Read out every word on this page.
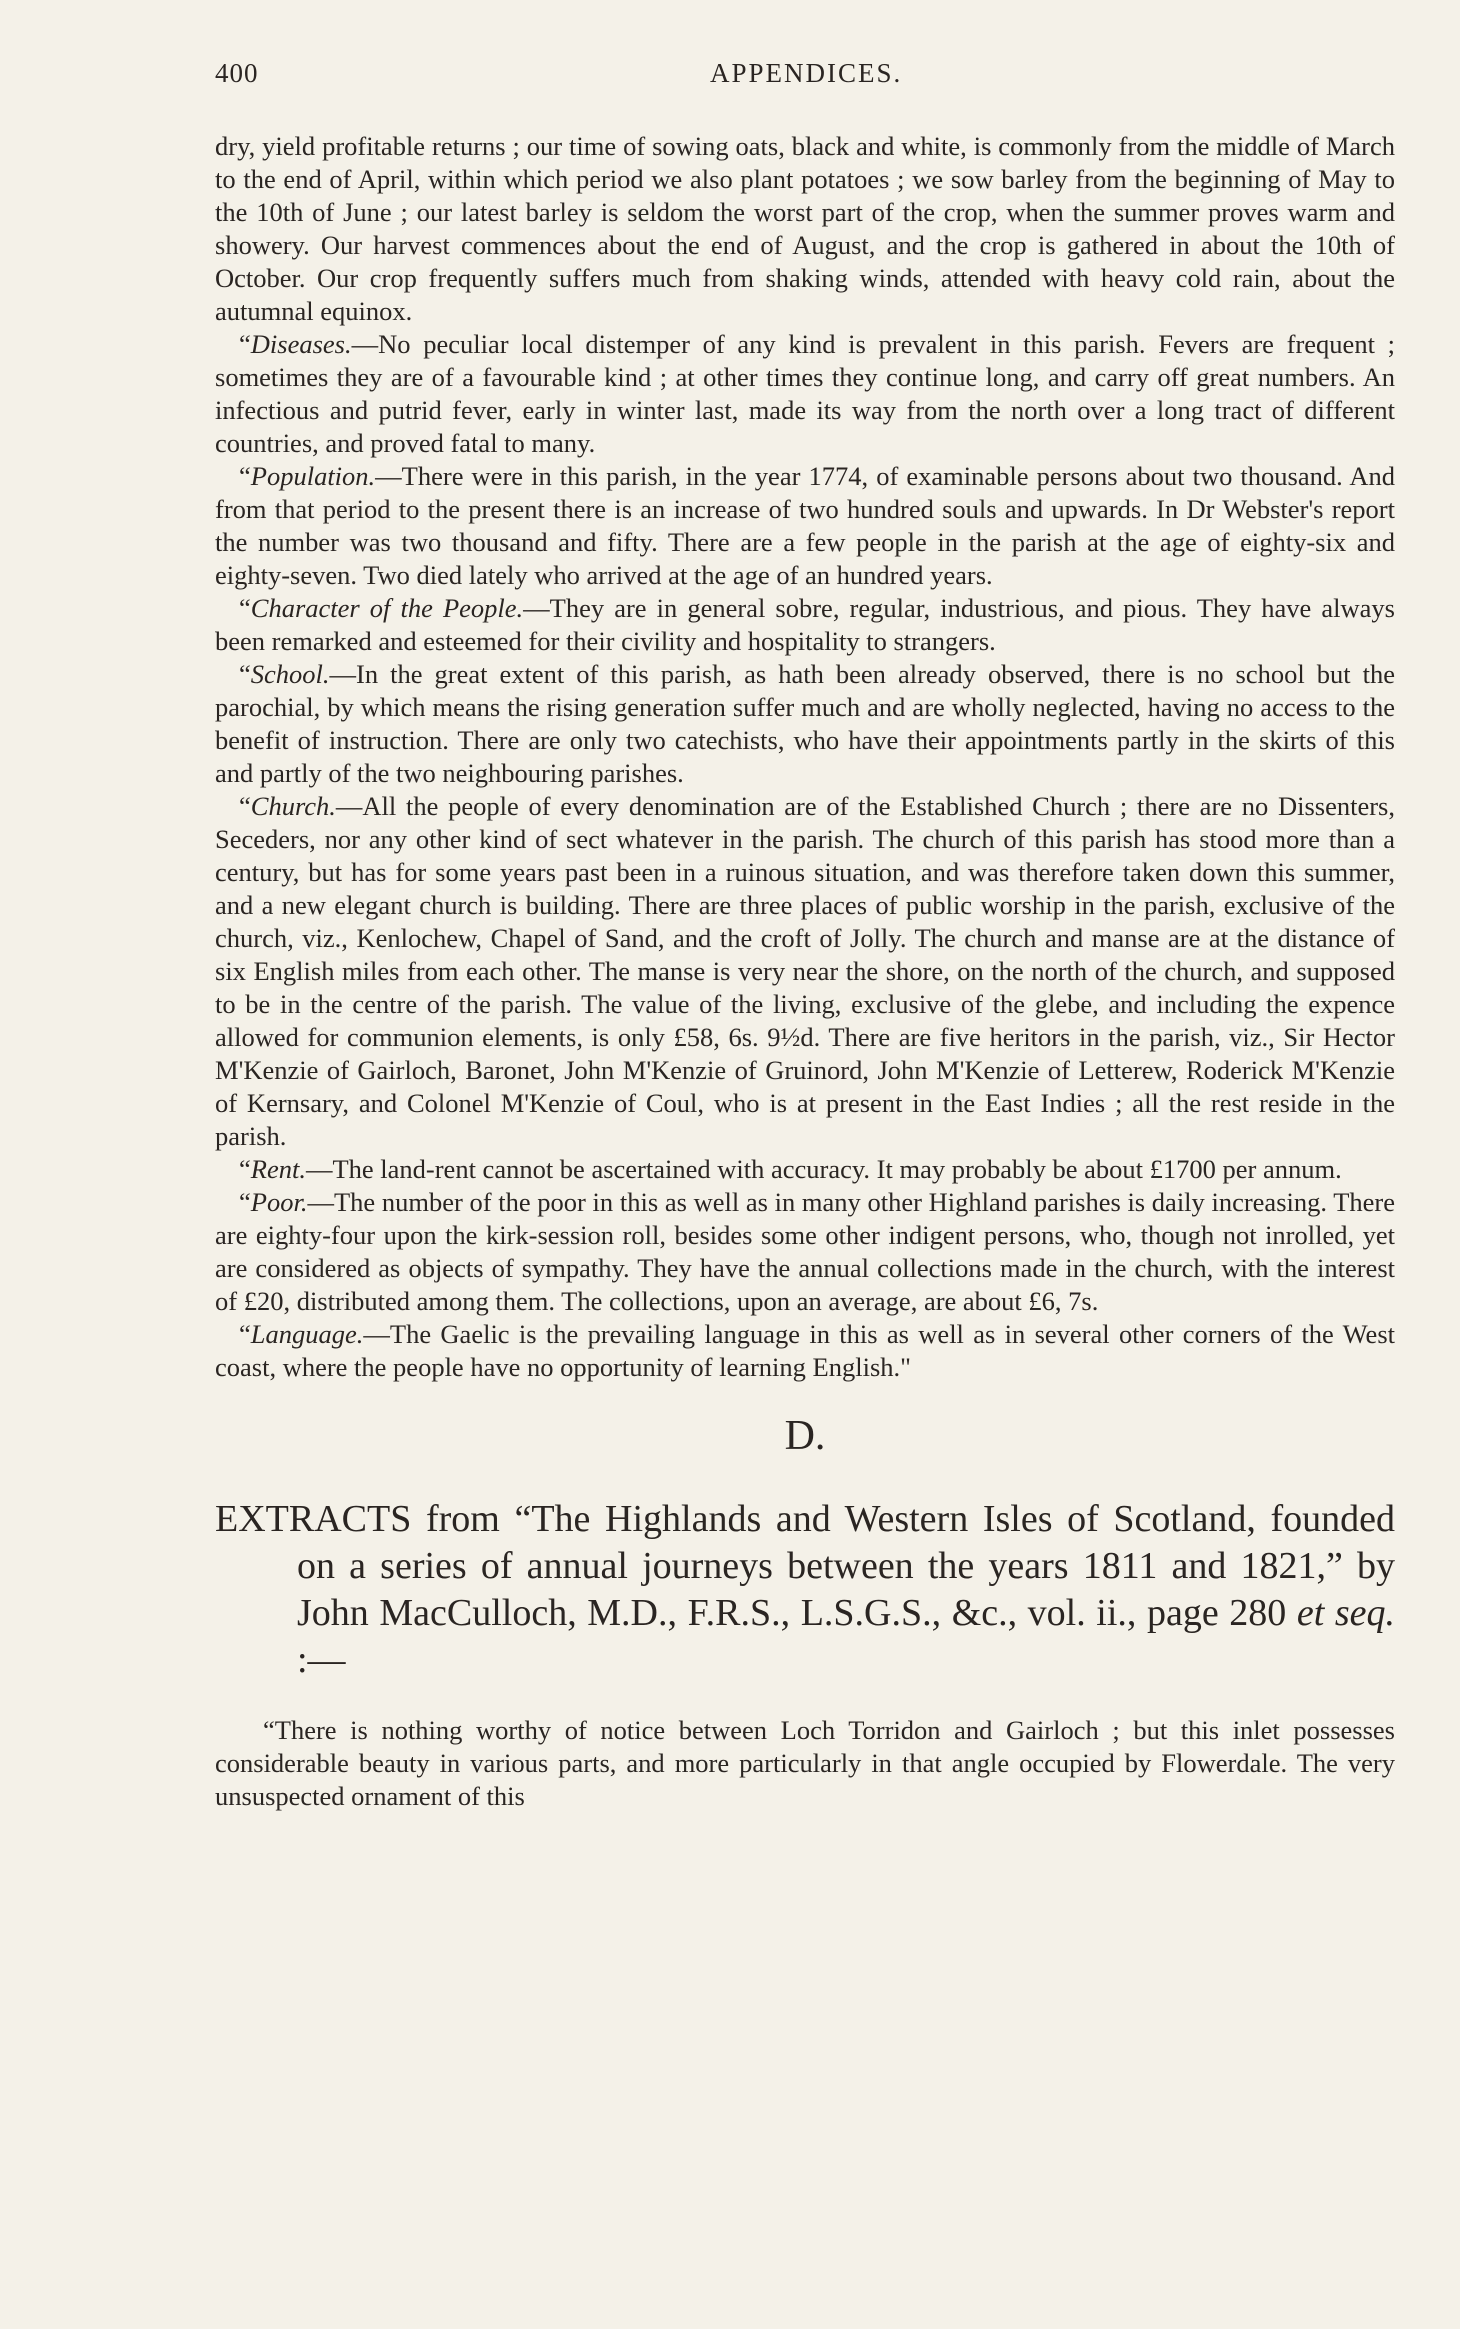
400	APPENDICES.

dry, yield profitable returns ; our time of sowing oats, black and white, is commonly from the middle of March to the end of April, within which period we also plant potatoes ; we sow barley from the beginning of May to the 10th of June ; our latest barley is seldom the worst part of the crop, when the summer proves warm and showery. Our harvest commences about the end of August, and the crop is gathered in about the 10th of October. Our crop frequently suffers much from shaking winds, attended with heavy cold rain, about the autumnal equinox.

“Diseases.—No peculiar local distemper of any kind is prevalent in this parish. Fevers are frequent ; sometimes they are of a favourable kind ; at other times they continue long, and carry off great numbers. An infectious and putrid fever, early in winter last, made its way from the north over a long tract of different countries, and proved fatal to many.

“Population.—There were in this parish, in the year 1774, of examinable persons about two thousand. And from that period to the present there is an increase of two hundred souls and upwards. In Dr Webster's report the number was two thousand and fifty. There are a few people in the parish at the age of eighty-six and eighty-seven. Two died lately who arrived at the age of an hundred years.

“Character of the People.—They are in general sobre, regular, industrious, and pious. They have always been remarked and esteemed for their civility and hospitality to strangers.

“School.—In the great extent of this parish, as hath been already observed, there is no school but the parochial, by which means the rising generation suffer much and are wholly neglected, having no access to the benefit of instruction. There are only two catechists, who have their appointments partly in the skirts of this and partly of the two neighbouring parishes.

“Church.—All the people of every denomination are of the Established Church ; there are no Dissenters, Seceders, nor any other kind of sect whatever in the parish. The church of this parish has stood more than a century, but has for some years past been in a ruinous situation, and was therefore taken down this summer, and a new elegant church is building. There are three places of public worship in the parish, exclusive of the church, viz., Kenlochew, Chapel of Sand, and the croft of Jolly. The church and manse are at the distance of six English miles from each other. The manse is very near the shore, on the north of the church, and supposed to be in the centre of the parish. The value of the living, exclusive of the glebe, and including the expence allowed for communion elements, is only £58, 6s. 9½d. There are five heritors in the parish, viz., Sir Hector M'Kenzie of Gairloch, Baronet, John M'Kenzie of Gruinord, John M'Kenzie of Letterew, Roderick M'Kenzie of Kernsary, and Colonel M'Kenzie of Coul, who is at present in the East Indies ; all the rest reside in the parish.

“Rent.—The land-rent cannot be ascertained with accuracy. It may probably be about £1700 per annum.

“Poor.—The number of the poor in this as well as in many other Highland parishes is daily increasing. There are eighty-four upon the kirk-session roll, besides some other indigent persons, who, though not inrolled, yet are considered as objects of sympathy. They have the annual collections made in the church, with the interest of £20, distributed among them. The collections, upon an average, are about £6, 7s.

“Language.—The Gaelic is the prevailing language in this as well as in several other corners of the West coast, where the people have no opportunity of learning English."

D.
EXTRACTS from “The Highlands and Western Isles of Scotland, founded on a series of annual journeys between the years 1811 and 1821,” by John MacCulloch, M.D., F.R.S., L.S.G.S., &c., vol. ii., page 280 et seq. :—

“There is nothing worthy of notice between Loch Torridon and Gairloch ; but this inlet possesses considerable beauty in various parts, and more particularly in that angle occupied by Flowerdale. The very unsuspected ornament of this
